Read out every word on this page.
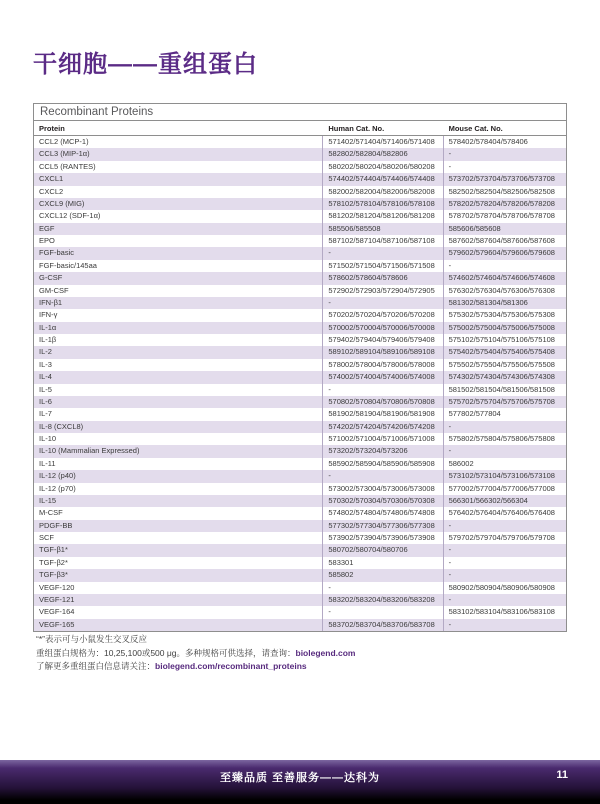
干细胞——重组蛋白
Recombinant Proteins
Protein	Human Cat. No.	Mouse Cat. No.
CCL2 (MCP-1)	571402/571404/571406/571408	578402/578404/578406
CCL3 (MIP-1α)	582802/582804/582806	-
CCL5 (RANTES)	580202/580204/580206/580208	-
CXCL1	574402/574404/574406/574408	573702/573704/573706/573708
CXCL2	582002/582004/582006/582008	582502/582504/582506/582508
CXCL9 (MIG)	578102/578104/578106/578108	578202/578204/578206/578208
CXCL12 (SDF-1α)	581202/581204/581206/581208	578702/578704/578706/578708
EGF	585506/585508	585606/585608
EPO	587102/587104/587106/587108	587602/587604/587606/587608
FGF-basic	-	579602/579604/579606/579608
FGF-basic/145aa	571502/571504/571506/571508	-
G-CSF	578602/578604/578606	574602/574604/574606/574608
GM-CSF	572902/572903/572904/572905	576302/576304/576306/576308
IFN-β1	-	581302/581304/581306
IFN-γ	570202/570204/570206/570208	575302/575304/575306/575308
IL-1α	570002/570004/570006/570008	575002/575004/575006/575008
IL-1β	579402/579404/579406/579408	575102/575104/575106/575108
IL-2	589102/589104/589106/589108	575402/575404/575406/575408
IL-3	578002/578004/578006/578008	575502/575504/575506/575508
IL-4	574002/574004/574006/574008	574302/574304/574306/574308
IL-5	-	581502/581504/581506/581508
IL-6	570802/570804/570806/570808	575702/575704/575706/575708
IL-7	581902/581904/581906/581908	577802/577804
IL-8 (CXCL8)	574202/574204/574206/574208	-
IL-10	571002/571004/571006/571008	575802/575804/575806/575808
IL-10 (Mammalian Expressed)	573202/573204/573206	-
IL-11	585902/585904/585906/585908	586002
IL-12 (p40)	-	573102/573104/573106/573108
IL-12 (p70)	573002/573004/573006/573008	577002/577004/577006/577008
IL-15	570302/570304/570306/570308	566301/566302/566304
M-CSF	574802/574804/574806/574808	576402/576404/576406/576408
PDGF-BB	577302/577304/577306/577308	-
SCF	573902/573904/573906/573908	579702/579704/579706/579708
TGF-β1*	580702/580704/580706	-
TGF-β2*	583301	-
TGF-β3*	585802	-
VEGF-120	-	580902/580904/580906/580908
VEGF-121	583202/583204/583206/583208	-
VEGF-164	-	583102/583104/583106/583108
VEGF-165	583702/583704/583706/583708	-
“*”表示可与小鼠发生交叉反应
重组蛋白规格为：10,25,100或500 μg。多种规格可供选择，请查询：biolegend.com
了解更多重组蛋白信息请关注：biolegend.com/recombinant_proteins
至臻品质 至善服务——达科为	11
